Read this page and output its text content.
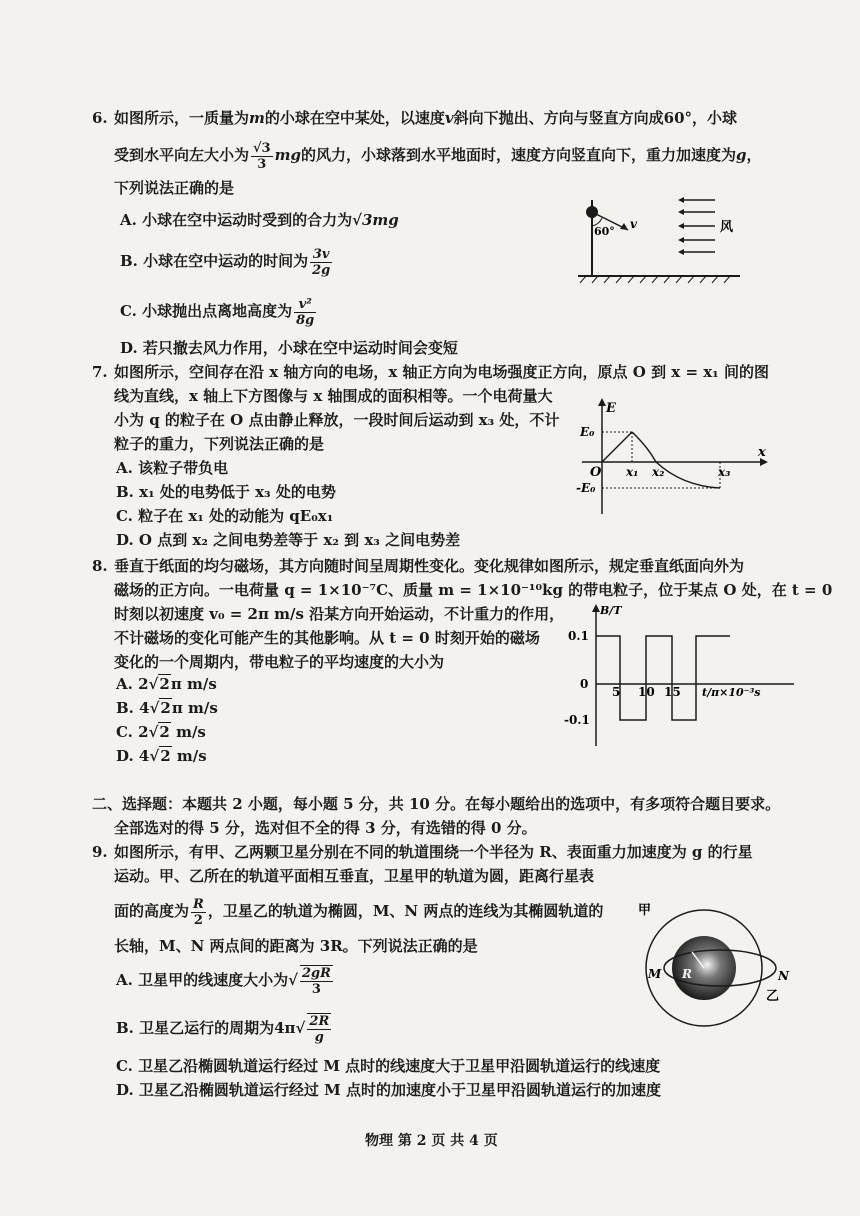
6. 如图所示，一质量为m的小球在空中某处，以速度v斜向下抛出、方向与竖直方向成60°，小球
受到水平向左大小为 $\frac{√3}{3}$ mg的风力，小球落到水平地面时，速度方向竖直向下，重力加速度为g，
下列说法正确的是
A. 小球在空中运动时受到的合力为√3mg
B. 小球在空中运动的时间为 $\frac{3v}{2g}$
C. 小球抛出点离地高度为 $\frac{\text{v²}}{8g}$
D. 若只撤去风力作用，小球在空中运动时间会变短
60°
v	风
7. 如图所示，空间存在沿 x 轴方向的电场，x 轴正方向为电场强度正方向，原点 O 到 x = x₁ 间的图
线为直线，x 轴上下方图像与 x 轴围成的面积相等。一个电荷量大
小为 q 的粒子在 O 点由静止释放，一段时间后运动到 x₃ 处，不计
粒子的重力，下列说法正确的是
A. 该粒子带负电
B. x₁ 处的电势低于 x₃ 处的电势
C. 粒子在 x₁ 处的动能为 qE₀x₁
D. O 点到 x₂ 之间电势差等于 x₂ 到 x₃ 之间电势差
E
E₀
-E₀
O x₁ x₂	x₃
x
8. 垂直于纸面的均匀磁场，其方向随时间呈周期性变化。变化规律如图所示，规定垂直纸面向外为
磁场的正方向。一电荷量 q = 1×10⁻⁷C、质量 m = 1×10⁻¹⁰kg 的带电粒子，位于某点 O 处，在 t = 0
时刻以初速度 v₀ = 2π m/s 沿某方向开始运动，不计重力的作用，
不计磁场的变化可能产生的其他影响。从 t = 0 时刻开始的磁场
变化的一个周期内，带电粒子的平均速度的大小为
A. 2√2π m/s
B. 4√2π m/s
C. 2√2 m/s
D. 4√2 m/s
B/T
0.1
0
-0.1
5 10 15 t/π×10⁻³s
二、选择题：本题共 2 小题，每小题 5 分，共 10 分。在每小题给出的选项中，有多项符合题目要求。
全部选对的得 5 分，选对但不全的得 3 分，有选错的得 0 分。
9. 如图所示，有甲、乙两颗卫星分别在不同的轨道围绕一个半径为 R、表面重力加速度为 g 的行星
运动。甲、乙所在的轨道平面相互垂直，卫星甲的轨道为圆，距离行星表
面的高度为 $\frac{R}{2}$ ，卫星乙的轨道为椭圆，M、N 两点的连线为其椭圆轨道的
长轴，M、N 两点间的距离为 3R。下列说法正确的是
A. 卫星甲的线速度大小为√ $\frac{2gR}{3}$
B. 卫星乙运行的周期为$4\pi√ \frac{2R}{g}$
C. 卫星乙沿椭圆轨道运行经过 M 点时的线速度大于卫星甲沿圆轨道运行的线速度
D. 卫星乙沿椭圆轨道运行经过 M 点时的加速度小于卫星甲沿圆轨道运行的加速度
甲
R
M	N
乙
物理 第 2 页 共 4 页
